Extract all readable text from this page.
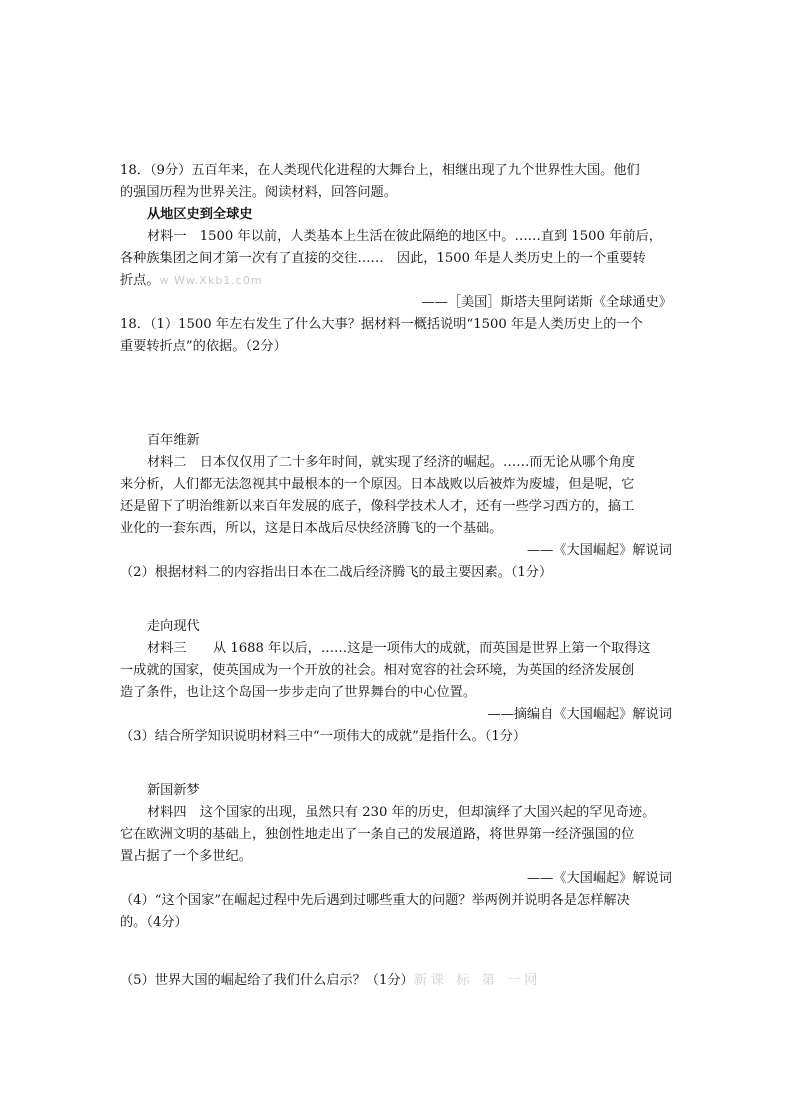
18．（9分）五百年来，在人类现代化进程的大舞台上，相继出现了九个世界性大国。他们
的强国历程为世界关注。阅读材料，回答问题。
从地区史到全球史
材料一　1500 年以前，人类基本上生活在彼此隔绝的地区中。……直到 1500 年前后，
各种族集团之间才第一次有了直接的交往……　因此，1500 年是人类历史上的一个重要转
折点。w Ww.Xkb1.c0m
——［美国］斯塔夫里阿诺斯《全球通史》
18．（1）1500 年左右发生了什么大事？据材料一概括说明“1500 年是人类历史上的一个
重要转折点”的依据。（2分）
百年维新
材料二　日本仅仅用了二十多年时间，就实现了经济的崛起。……而无论从哪个角度
来分析，人们都无法忽视其中最根本的一个原因。日本战败以后被炸为废墟，但是呢，它
还是留下了明治维新以来百年发展的底子，像科学技术人才，还有一些学习西方的，搞工
业化的一套东西，所以，这是日本战后尽快经济腾飞的一个基础。
——《大国崛起》解说词
（2）根据材料二的内容指出日本在二战后经济腾飞的最主要因素。（1分）
走向现代
材料三　　从 1688 年以后，……这是一项伟大的成就，而英国是世界上第一个取得这
一成就的国家，使英国成为一个开放的社会。相对宽容的社会环境，为英国的经济发展创
造了条件，也让这个岛国一步步走向了世界舞台的中心位置。
——摘编自《大国崛起》解说词
（3）结合所学知识说明材料三中“一项伟大的成就”是指什么。（1分）
新国新梦
材料四　这个国家的出现，虽然只有 230 年的历史，但却演绎了大国兴起的罕见奇迹。
它在欧洲文明的基础上，独创性地走出了一条自己的发展道路，将世界第一经济强国的位
置占据了一个多世纪。
——《大国崛起》解说词
（4）“这个国家”在崛起过程中先后遇到过哪些重大的问题？举两例并说明各是怎样解决
的。（4分）
（5）世界大国的崛起给了我们什么启示？（1分）新课 标 第 一网
